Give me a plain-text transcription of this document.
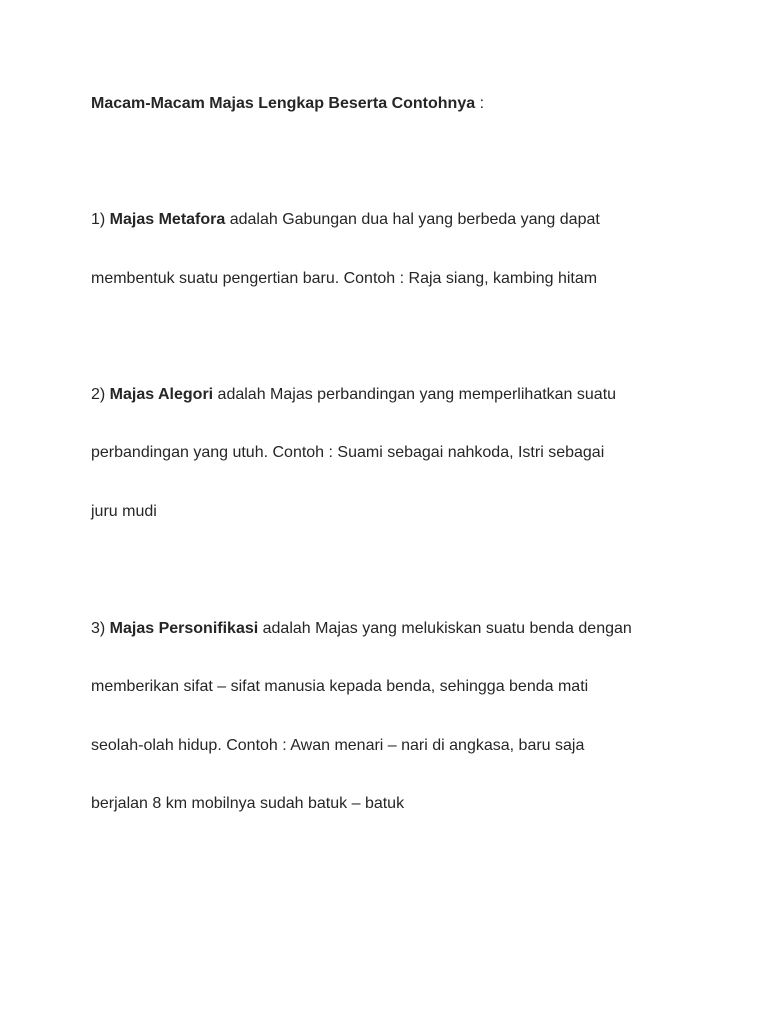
Macam-Macam Majas Lengkap Beserta Contohnya :
1) Majas Metafora adalah Gabungan dua hal yang berbeda yang dapat
membentuk suatu pengertian baru. Contoh : Raja siang, kambing hitam
2) Majas Alegori adalah Majas perbandingan yang memperlihatkan suatu
perbandingan yang utuh. Contoh : Suami sebagai nahkoda, Istri sebagai
juru mudi
3) Majas Personifikasi adalah Majas yang melukiskan suatu benda dengan
memberikan sifat – sifat manusia kepada benda, sehingga benda mati
seolah-olah hidup. Contoh : Awan menari – nari di angkasa, baru saja
berjalan 8 km mobilnya sudah batuk – batuk
